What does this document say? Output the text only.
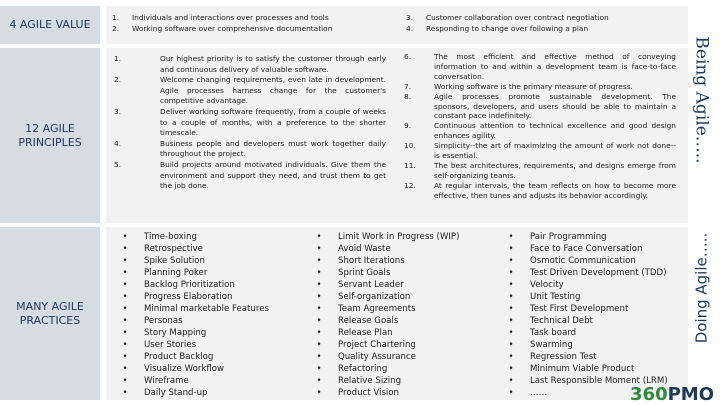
4 AGILE VALUE
1.	Individuals and interactions over processes and tools
2.	Working software over comprehensive documentation
3.	Customer collaboration over contract negotiation
4.	Responding to change over following a plan
12 AGILE PRINCIPLES
1.	Our highest priority is to satisfy the customer through early and continuous delivery of valuable software.
2.	Welcome changing requirements, even late in development. Agile processes harness change for the customer's competitive advantage.
3.	Deliver working software frequently, from a couple of weeks to a couple of months, with a preference to the shorter timescale.
4.	Business people and developers must work together daily throughout the project.
5.	Build projects around motivated individuals. Give them the environment and support they need, and trust them to get the job done.
6.	The most efficient and effective method of conveying information to and within a development team is face-to-face conversation.
7.	Working software is the primary measure of progress.
8.	Agile processes promote sustainable development. The sponsors, developers, and users should be able to maintain a constant pace indefinitely.
9.	Continuous attention to technical excellence and good design enhances agility.
10.	Simplicity--the art of maximizing the amount of work not done--is essential.
11.	The best architectures, requirements, and designs emerge from self-organizing teams.
12.	At regular intervals, the team reflects on how to become more effective, then tunes and adjusts its behavior accordingly.
MANY AGILE PRACTICES
• Time-boxing
• Retrospective
• Spike Solution
• Planning Poker
• Backlog Prioritization
• Progress Elaboration
• Minimal marketable Features
• Personas
• Story Mapping
• User Stories
• Product Backlog
• Visualize Workflow
• Wireframe
• Daily Stand-up
• Limit Work in Progress (WIP)
• Avoid Waste
• Short Iterations
• Sprint Goals
• Servant Leader
• Self-organization
• Team Agreements
• Release Goals
• Release Plan
• Project Chartering
• Quality Assurance
• Refactoring
• Relative Sizing
• Product Vision
• Pair Programming
• Face to Face Conversation
• Osmotic Communication
• Test Driven Development (TDD)
• Velocity
• Unit Testing
• Test First Development
• Technical Debt
• Task board
• Swarming
• Regression Test
• Minimum Viable Product
• Last Responsible Moment (LRM)
• ……
Being Agile…..
Doing Agile…..
360PMO
